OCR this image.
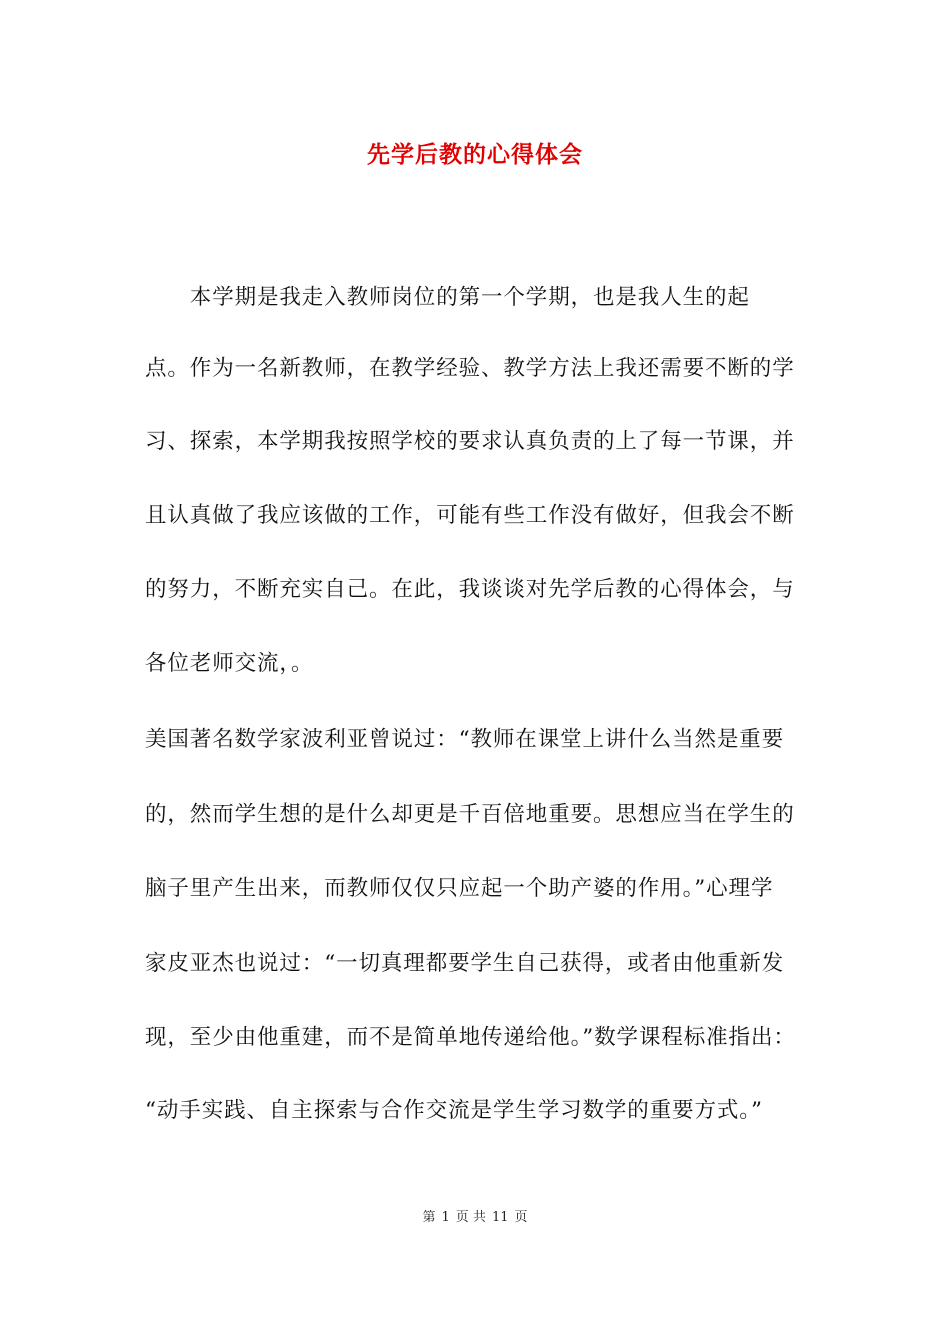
先学后教的心得体会
　　本学期是我走入教师岗位的第一个学期，也是我人生的起
点。作为一名新教师，在教学经验、教学方法上我还需要不断的学
习、探索，本学期我按照学校的要求认真负责的上了每一节课，并
且认真做了我应该做的工作，可能有些工作没有做好，但我会不断
的努力，不断充实自己。在此，我谈谈对先学后教的心得体会，与
各位老师交流，。
美国著名数学家波利亚曾说过：“教师在课堂上讲什么当然是重要
的，然而学生想的是什么却更是千百倍地重要。思想应当在学生的
脑子里产生出来，而教师仅仅只应起一个助产婆的作用。”心理学
家皮亚杰也说过：“一切真理都要学生自己获得，或者由他重新发
现，至少由他重建，而不是简单地传递给他。”数学课程标准指出：
“动手实践、自主探索与合作交流是学生学习数学的重要方式。”
第 1 页 共 11 页
